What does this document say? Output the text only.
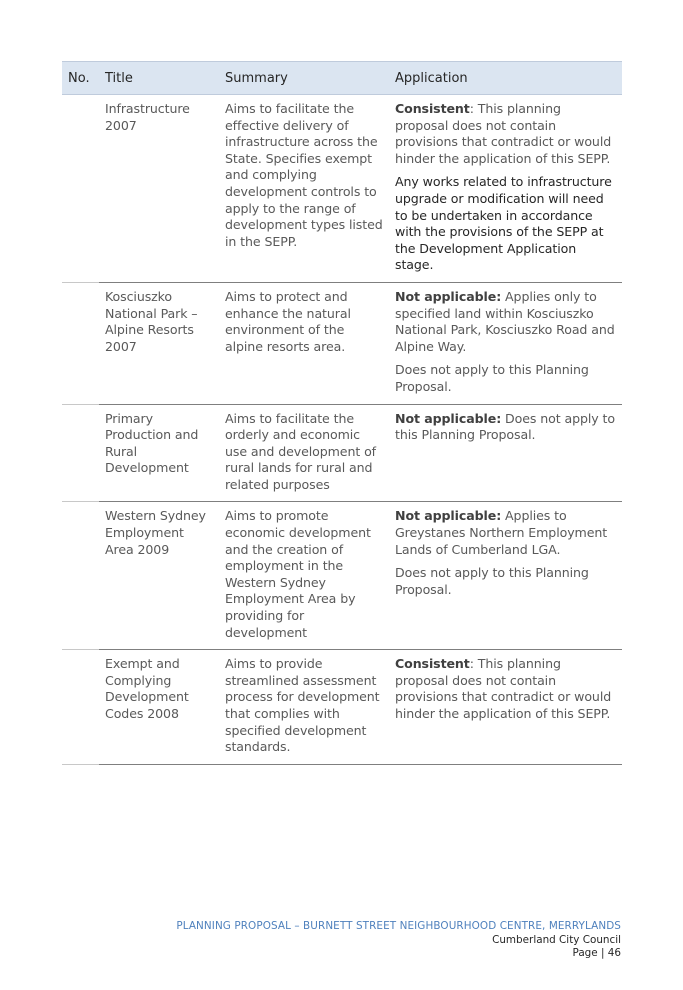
No.	Title	Summary	Application
	Infrastructure 2007	Aims to facilitate the effective delivery of infrastructure across the State. Specifies exempt and complying development controls to apply to the range of development types listed in the SEPP.	Consistent: This planning proposal does not contain provisions that contradict or would hinder the application of this SEPP.

Any works related to infrastructure upgrade or modification will need to be undertaken in accordance with the provisions of the SEPP at the Development Application stage.

	Kosciuszko National Park – Alpine Resorts 2007	Aims to protect and enhance the natural environment of the alpine resorts area.	Not applicable: Applies only to specified land within Kosciuszko National Park, Kosciuszko Road and Alpine Way.

Does not apply to this Planning Proposal.

	Primary Production and Rural Development	Aims to facilitate the orderly and economic use and development of rural lands for rural and related purposes	Not applicable: Does not apply to this Planning Proposal.

	Western Sydney Employment Area 2009	Aims to promote economic development and the creation of employment in the Western Sydney Employment Area by providing for development	Not applicable: Applies to Greystanes Northern Employment Lands of Cumberland LGA.

Does not apply to this Planning Proposal.

	Exempt and Complying Development Codes 2008	Aims to provide streamlined assessment process for development that complies with specified development standards.	Consistent: This planning proposal does not contain provisions that contradict or would hinder the application of this SEPP.

PLANNING PROPOSAL – BURNETT STREET NEIGHBOURHOOD CENTRE, MERRYLANDS
Cumberland City Council
Page | 46
